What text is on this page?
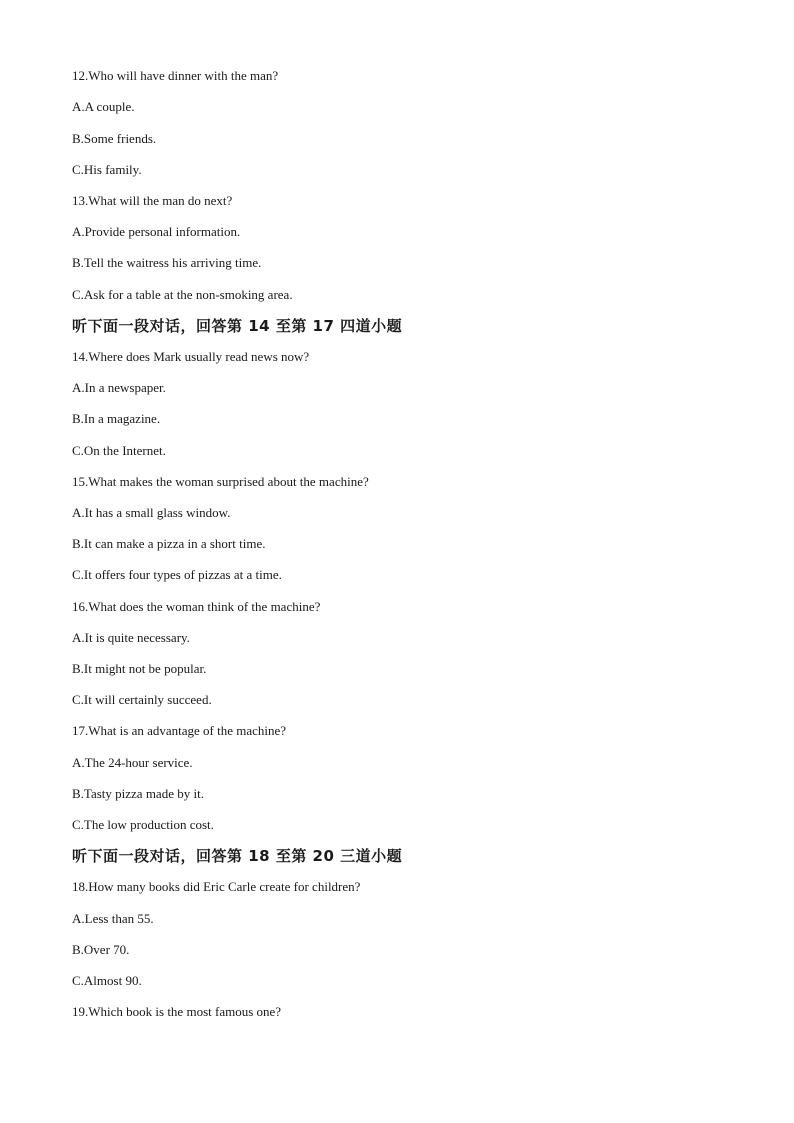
12.Who will have dinner with the man?
A.A couple.
B.Some friends.
C.His family.
13.What will the man do next?
A.Provide personal information.
B.Tell the waitress his arriving time.
C.Ask for a table at the non-smoking area.
听下面一段对话，回答第 14 至第 17 四道小题
14.Where does Mark usually read news now?
A.In a newspaper.
B.In a magazine.
C.On the Internet.
15.What makes the woman surprised about the machine?
A.It has a small glass window.
B.It can make a pizza in a short time.
C.It offers four types of pizzas at a time.
16.What does the woman think of the machine?
A.It is quite necessary.
B.It might not be popular.
C.It will certainly succeed.
17.What is an advantage of the machine?
A.The 24-hour service.
B.Tasty pizza made by it.
C.The low production cost.
听下面一段对话，回答第 18 至第 20 三道小题
18.How many books did Eric Carle create for children?
A.Less than 55.
B.Over 70.
C.Almost 90.
19.Which book is the most famous one?
